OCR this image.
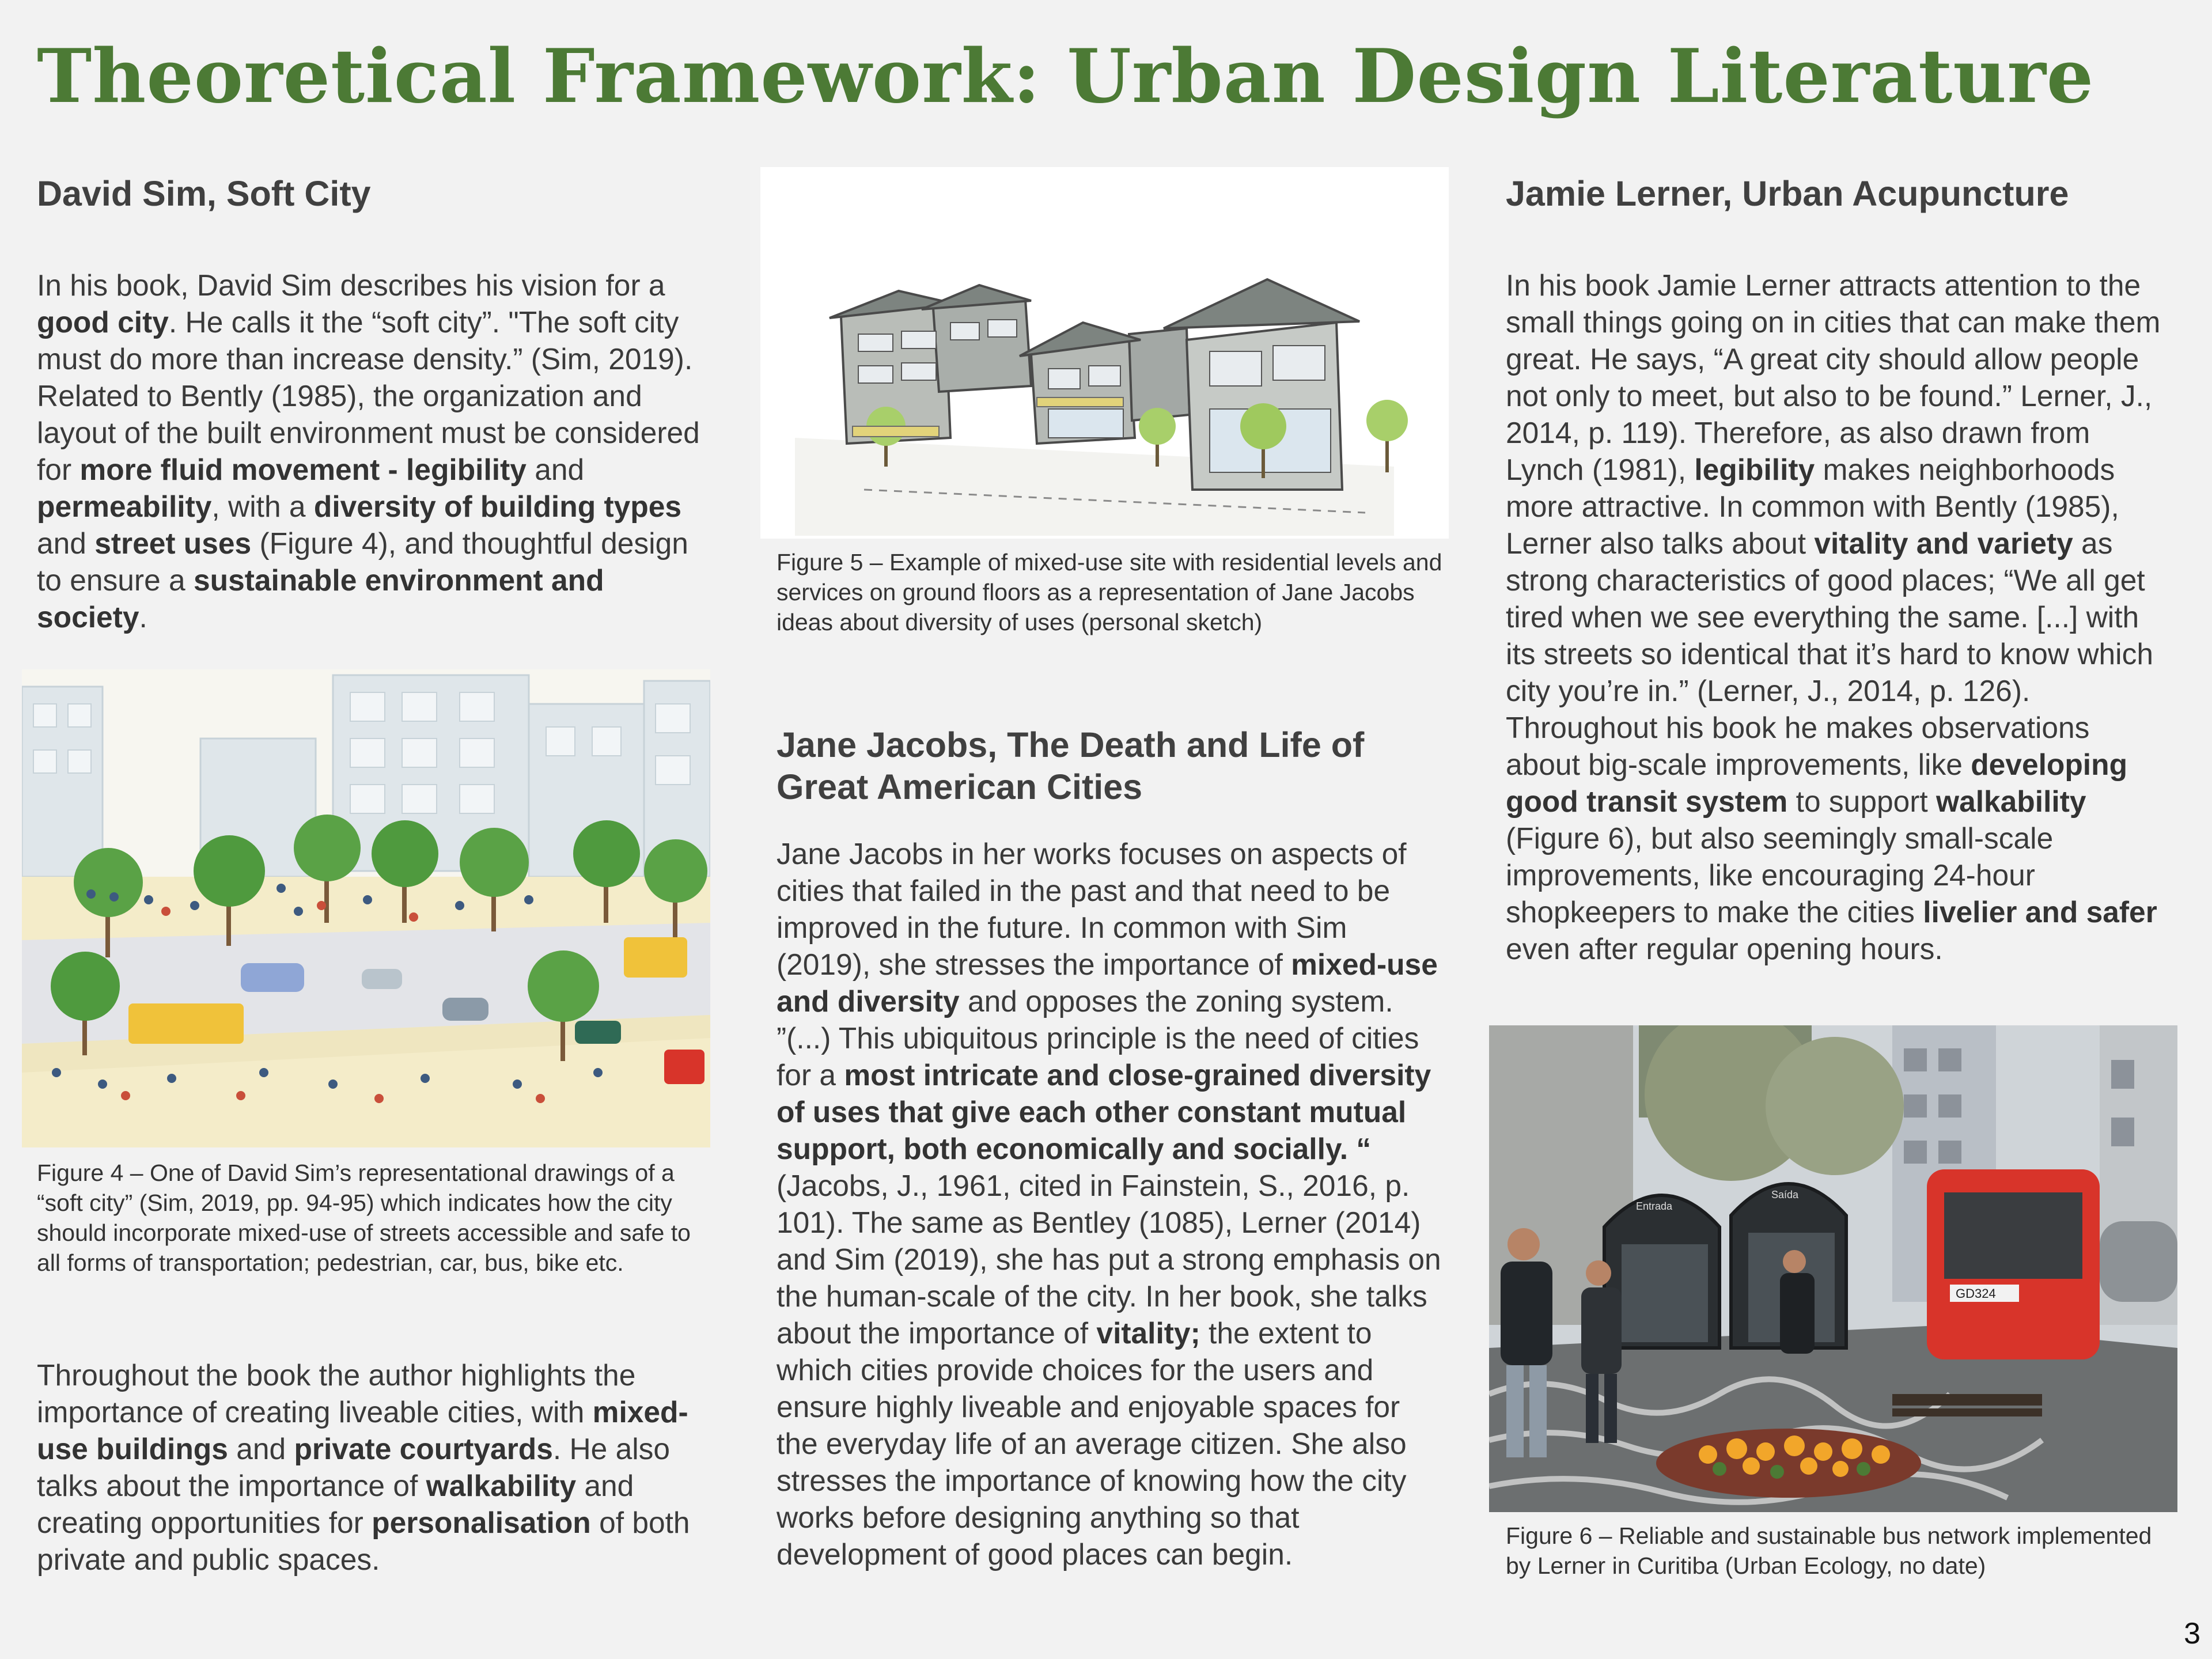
Theoretical Framework: Urban Design Literature
David Sim, Soft City

In his book, David Sim describes his vision for a good city. He calls it the “soft city”. "The soft city must do more than increase density.” (Sim, 2019). Related to Bently (1985), the organization and layout of the built environment must be considered for more fluid movement - legibility and permeability, with a diversity of building types and street uses (Figure 4), and thoughtful design to ensure a sustainable environment and society.

Figure 4 – One of David Sim’s representational drawings of a “soft city” (Sim, 2019, pp. 94-95) which indicates how the city should incorporate mixed-use of streets accessible and safe to all forms of transportation; pedestrian, car, bus, bike etc.

Throughout the book the author highlights the importance of creating liveable cities, with mixed-use buildings and private courtyards. He also talks about the importance of walkability and creating opportunities for personalisation of both private and public spaces.

Figure 5 – Example of mixed-use site with residential levels and services on ground floors as a representation of Jane Jacobs ideas about diversity of uses (personal sketch)

Jane Jacobs, The Death and Life of Great American Cities

Jane Jacobs in her works focuses on aspects of cities that failed in the past and that need to be improved in the future. In common with Sim (2019), she stresses the importance of mixed-use and diversity and opposes the zoning system. ”(...) This ubiquitous principle is the need of cities for a most intricate and close-grained diversity of uses that give each other constant mutual support, both economically and socially. “ (Jacobs, J., 1961, cited in Fainstein, S., 2016, p. 101). The same as Bentley (1085), Lerner (2014) and Sim (2019), she has put a strong emphasis on the human-scale of the city. In her book, she talks about the importance of vitality; the extent to which cities provide choices for the users and ensure highly liveable and enjoyable spaces for the everyday life of an average citizen. She also stresses the importance of knowing how the city works before designing anything so that development of good places can begin.

Jamie Lerner, Urban Acupuncture

In his book Jamie Lerner attracts attention to the small things going on in cities that can make them great. He says, “A great city should allow people not only to meet, but also to be found.” Lerner, J., 2014, p. 119). Therefore, as also drawn from Lynch (1981), legibility makes neighborhoods more attractive. In common with Bently (1985), Lerner also talks about vitality and variety as strong characteristics of good places; “We all get tired when we see everything the same. [...] with its streets so identical that it’s hard to know which city you’re in.” (Lerner, J., 2014, p. 126). Throughout his book he makes observations about big-scale improvements, like developing good transit system to support walkability (Figure 6), but also seemingly small-scale improvements, like encouraging 24-hour shopkeepers to make the cities livelier and safer even after regular opening hours.

Entrada
Saída
GD324

Figure 6 – Reliable and sustainable bus network implemented by Lerner in Curitiba (Urban Ecology, no date)

3
